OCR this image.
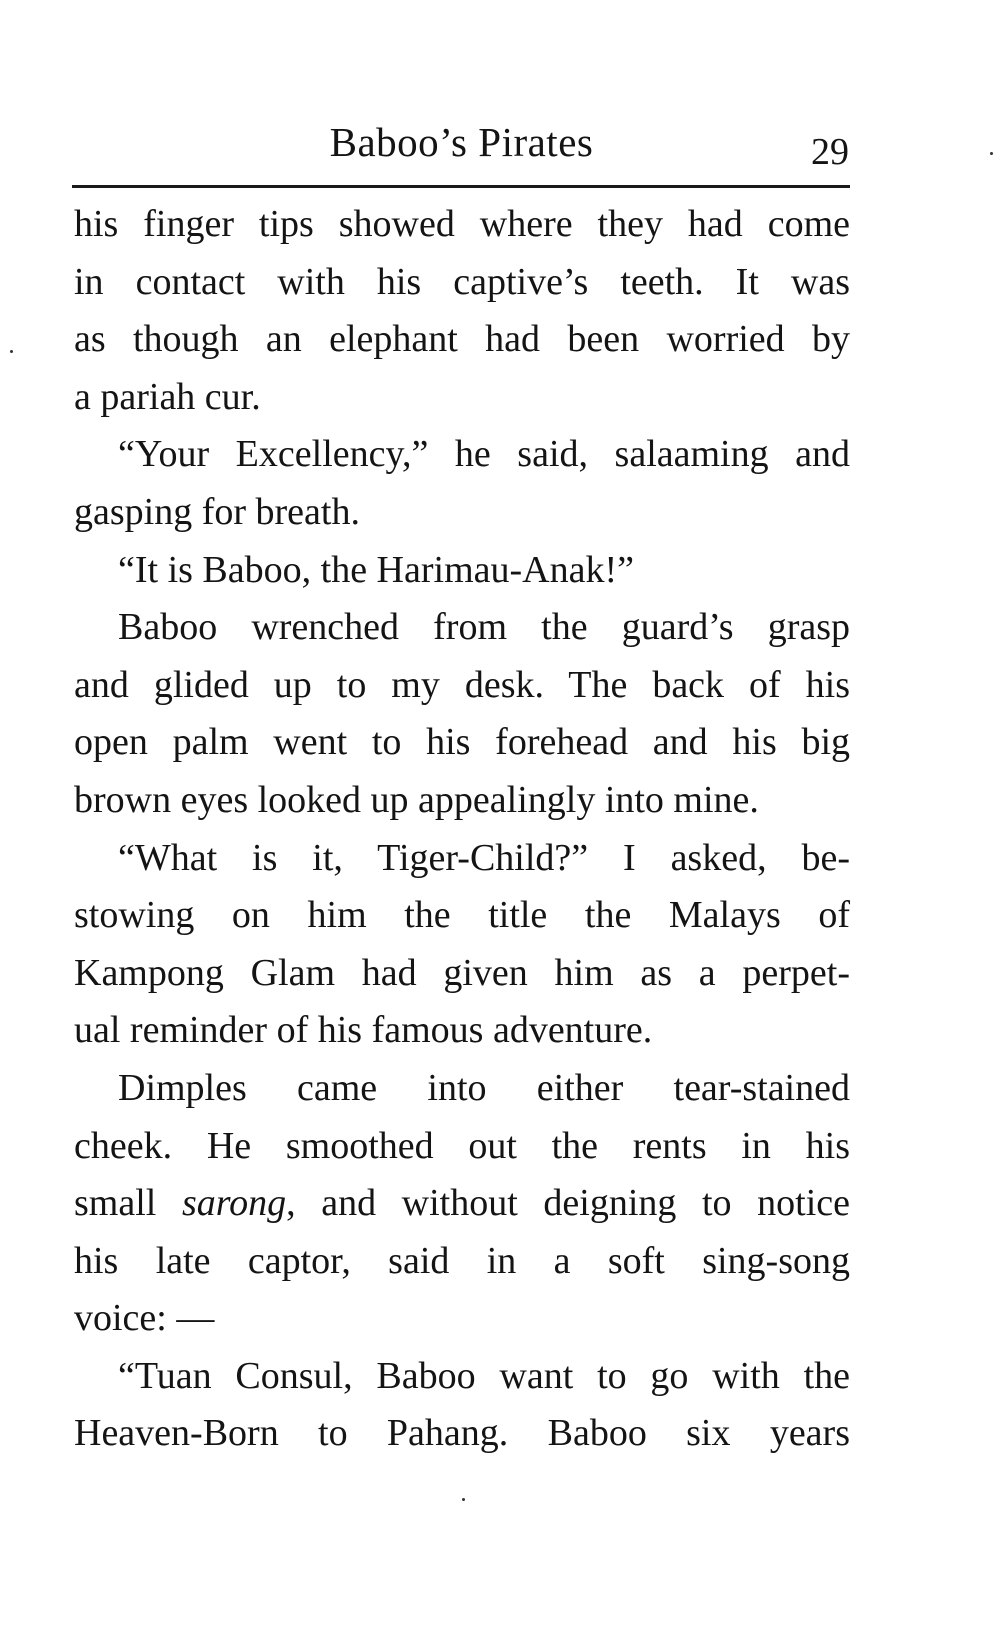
Baboo’s Pirates	29
his finger tips showed where they had come
in contact with his captive’s teeth. It was
as though an elephant had been worried by
a pariah cur.
“Your Excellency,” he said, salaaming and
gasping for breath.
“It is Baboo, the Harimau-Anak!”
Baboo wrenched from the guard’s grasp
and glided up to my desk. The back of his
open palm went to his forehead and his big
brown eyes looked up appealingly into mine.
“What is it, Tiger-Child?” I asked, be-
stowing on him the title the Malays of
Kampong Glam had given him as a perpet-
ual reminder of his famous adventure.
Dimples came into either tear-stained
cheek. He smoothed out the rents in his
small sarong, and without deigning to notice
his late captor, said in a soft sing-song
voice: —
“Tuan Consul, Baboo want to go with the
Heaven-Born to Pahang. Baboo six years
